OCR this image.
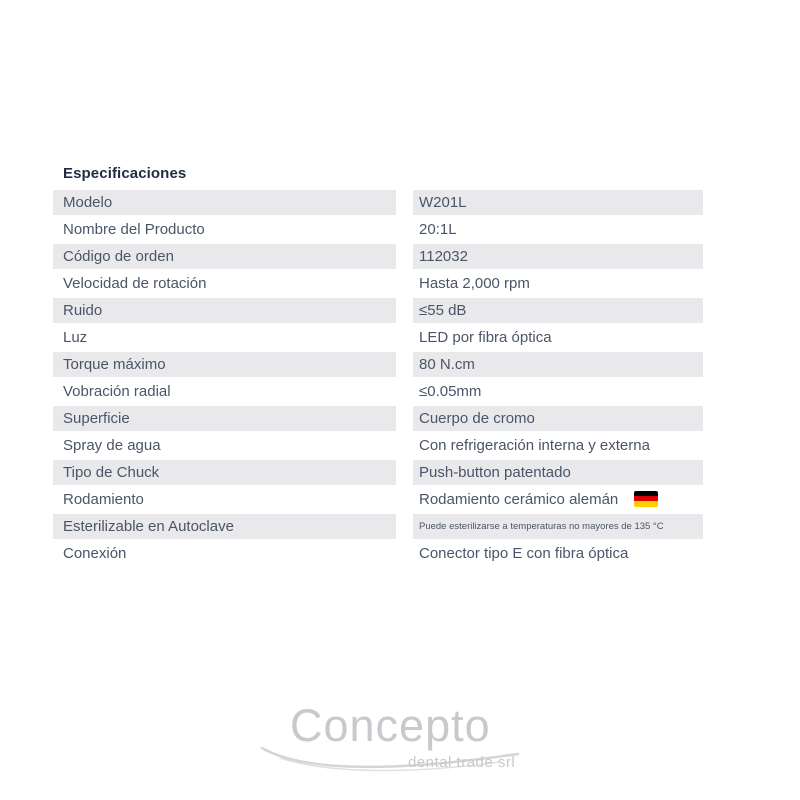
Especificaciones
Modelo	W201L
Nombre del Producto	20:1L
Código de orden	112032
Velocidad de rotación	Hasta 2,000 rpm
Ruido	≤55 dB
Luz	LED por fibra óptica
Torque máximo	80 N.cm
Vobración radial	≤0.05mm
Superficie	Cuerpo de cromo
Spray de agua	Con refrigeración interna y externa
Tipo de Chuck	Push-button patentado
Rodamiento	Rodamiento cerámico alemán
Esterilizable en Autoclave	Puede esterilizarse a temperaturas no mayores de 135 °C
Conexión	Conector tipo E con fibra óptica
Concepto
dental trade srl
